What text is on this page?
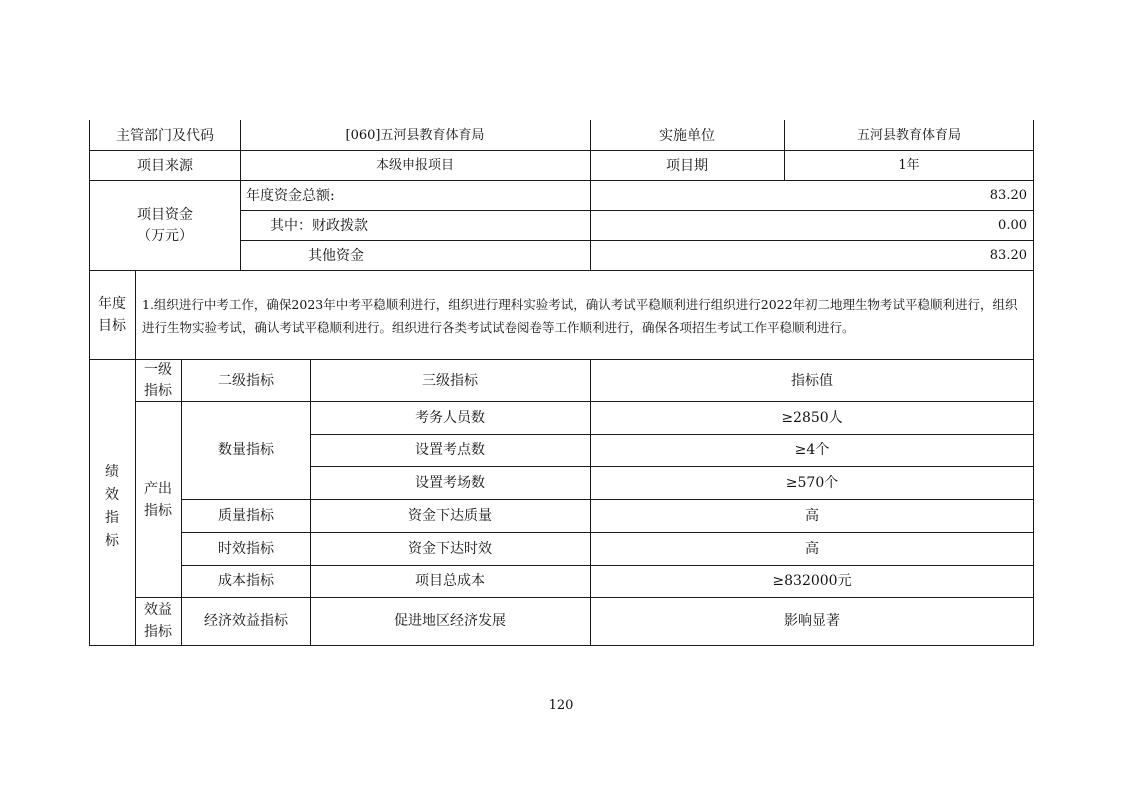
主管部门及代码	[060]五河县教育体育局	实施单位	五河县教育体育局
项目来源	本级申报项目	项目期	1年
项目资金
（万元）
年度资金总额:	83.20
其中：财政拨款	0.00
其他资金	83.20
年度
目标
1.组织进行中考工作，确保2023年中考平稳顺利进行，组织进行理科实验考试，确认考试平稳顺利进行组织进行2022年初二地理生物考试平稳顺利进行，组织进行生物实验考试，确认考试平稳顺利进行。组织进行各类考试试卷阅卷等工作顺利进行，确保各项招生考试工作平稳顺利进行。
绩
效
指
标
一级
指标
二级指标	三级指标	指标值
产出
指标
数量指标
考务人员数	≥2850人
设置考点数	≥4个
设置考场数	≥570个
质量指标	资金下达质量	高
时效指标	资金下达时效	高
成本指标	项目总成本	≥832000元
效益
指标
经济效益指标	促进地区经济发展	影响显著
120
